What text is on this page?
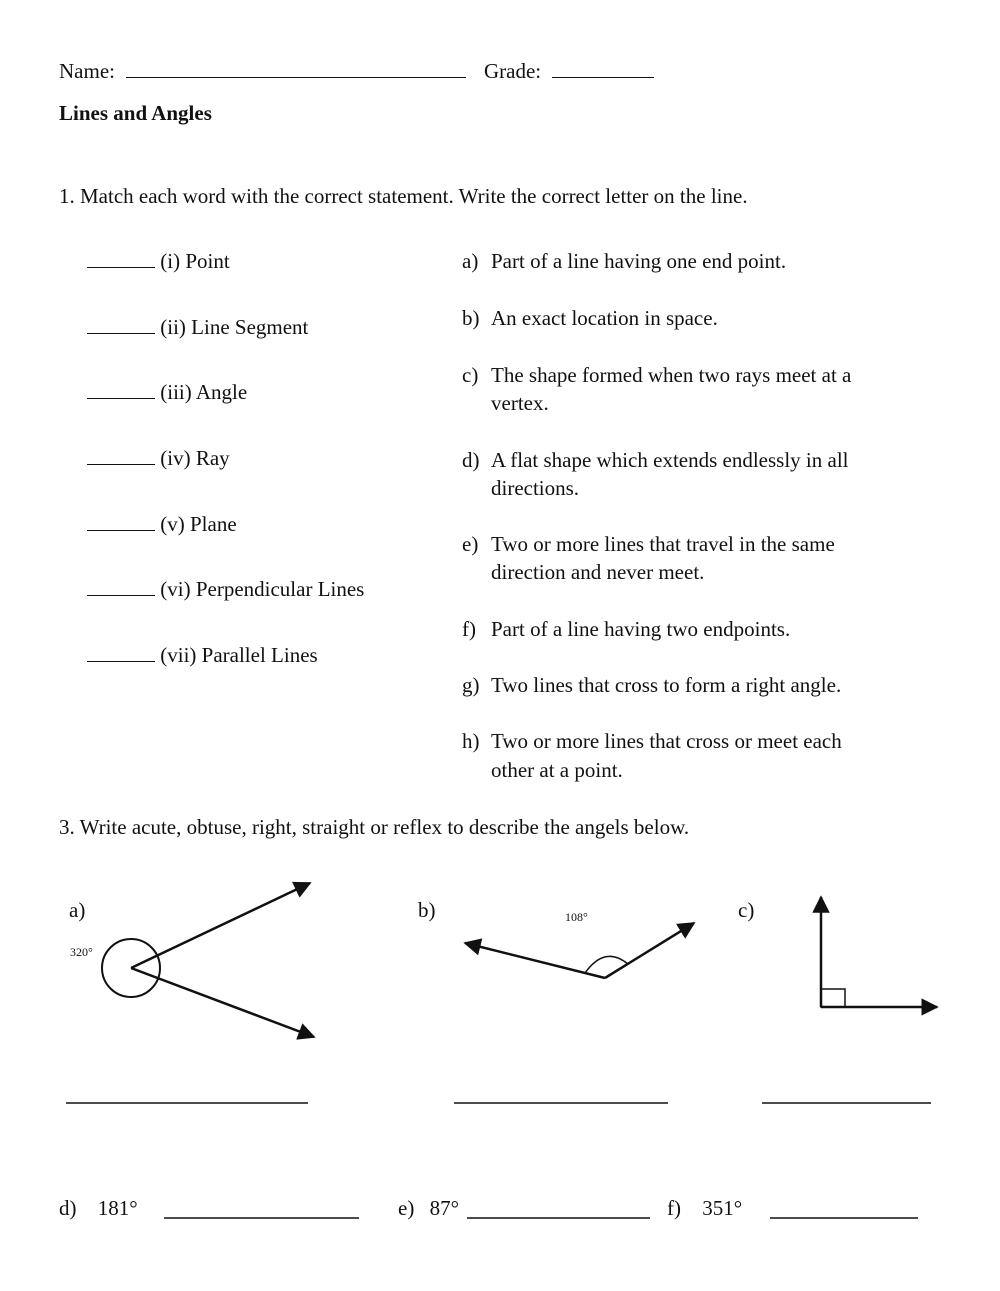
Name:	Grade:
Lines and Angles
1. Match each word with the correct statement. Write the correct letter on the line.
(i) Point
(ii) Line Segment
(iii) Angle
(iv) Ray
(v) Plane
(vi) Perpendicular Lines
(vii) Parallel Lines
a) Part of a line having one end point.
b) An exact location in space.
c) The shape formed when two rays meet at a
vertex.
d) A flat shape which extends endlessly in all
directions.
e) Two or more lines that travel in the same
direction and never meet.
f) Part of a line having two endpoints.
g) Two lines that cross to form a right angle.
h) Two or more lines that cross or meet each
other at a point.
3. Write acute, obtuse, right, straight or reflex to describe the angels below.
a)
320°
b)	108°	c)
d) 181°	e) 87°	f) 351°
